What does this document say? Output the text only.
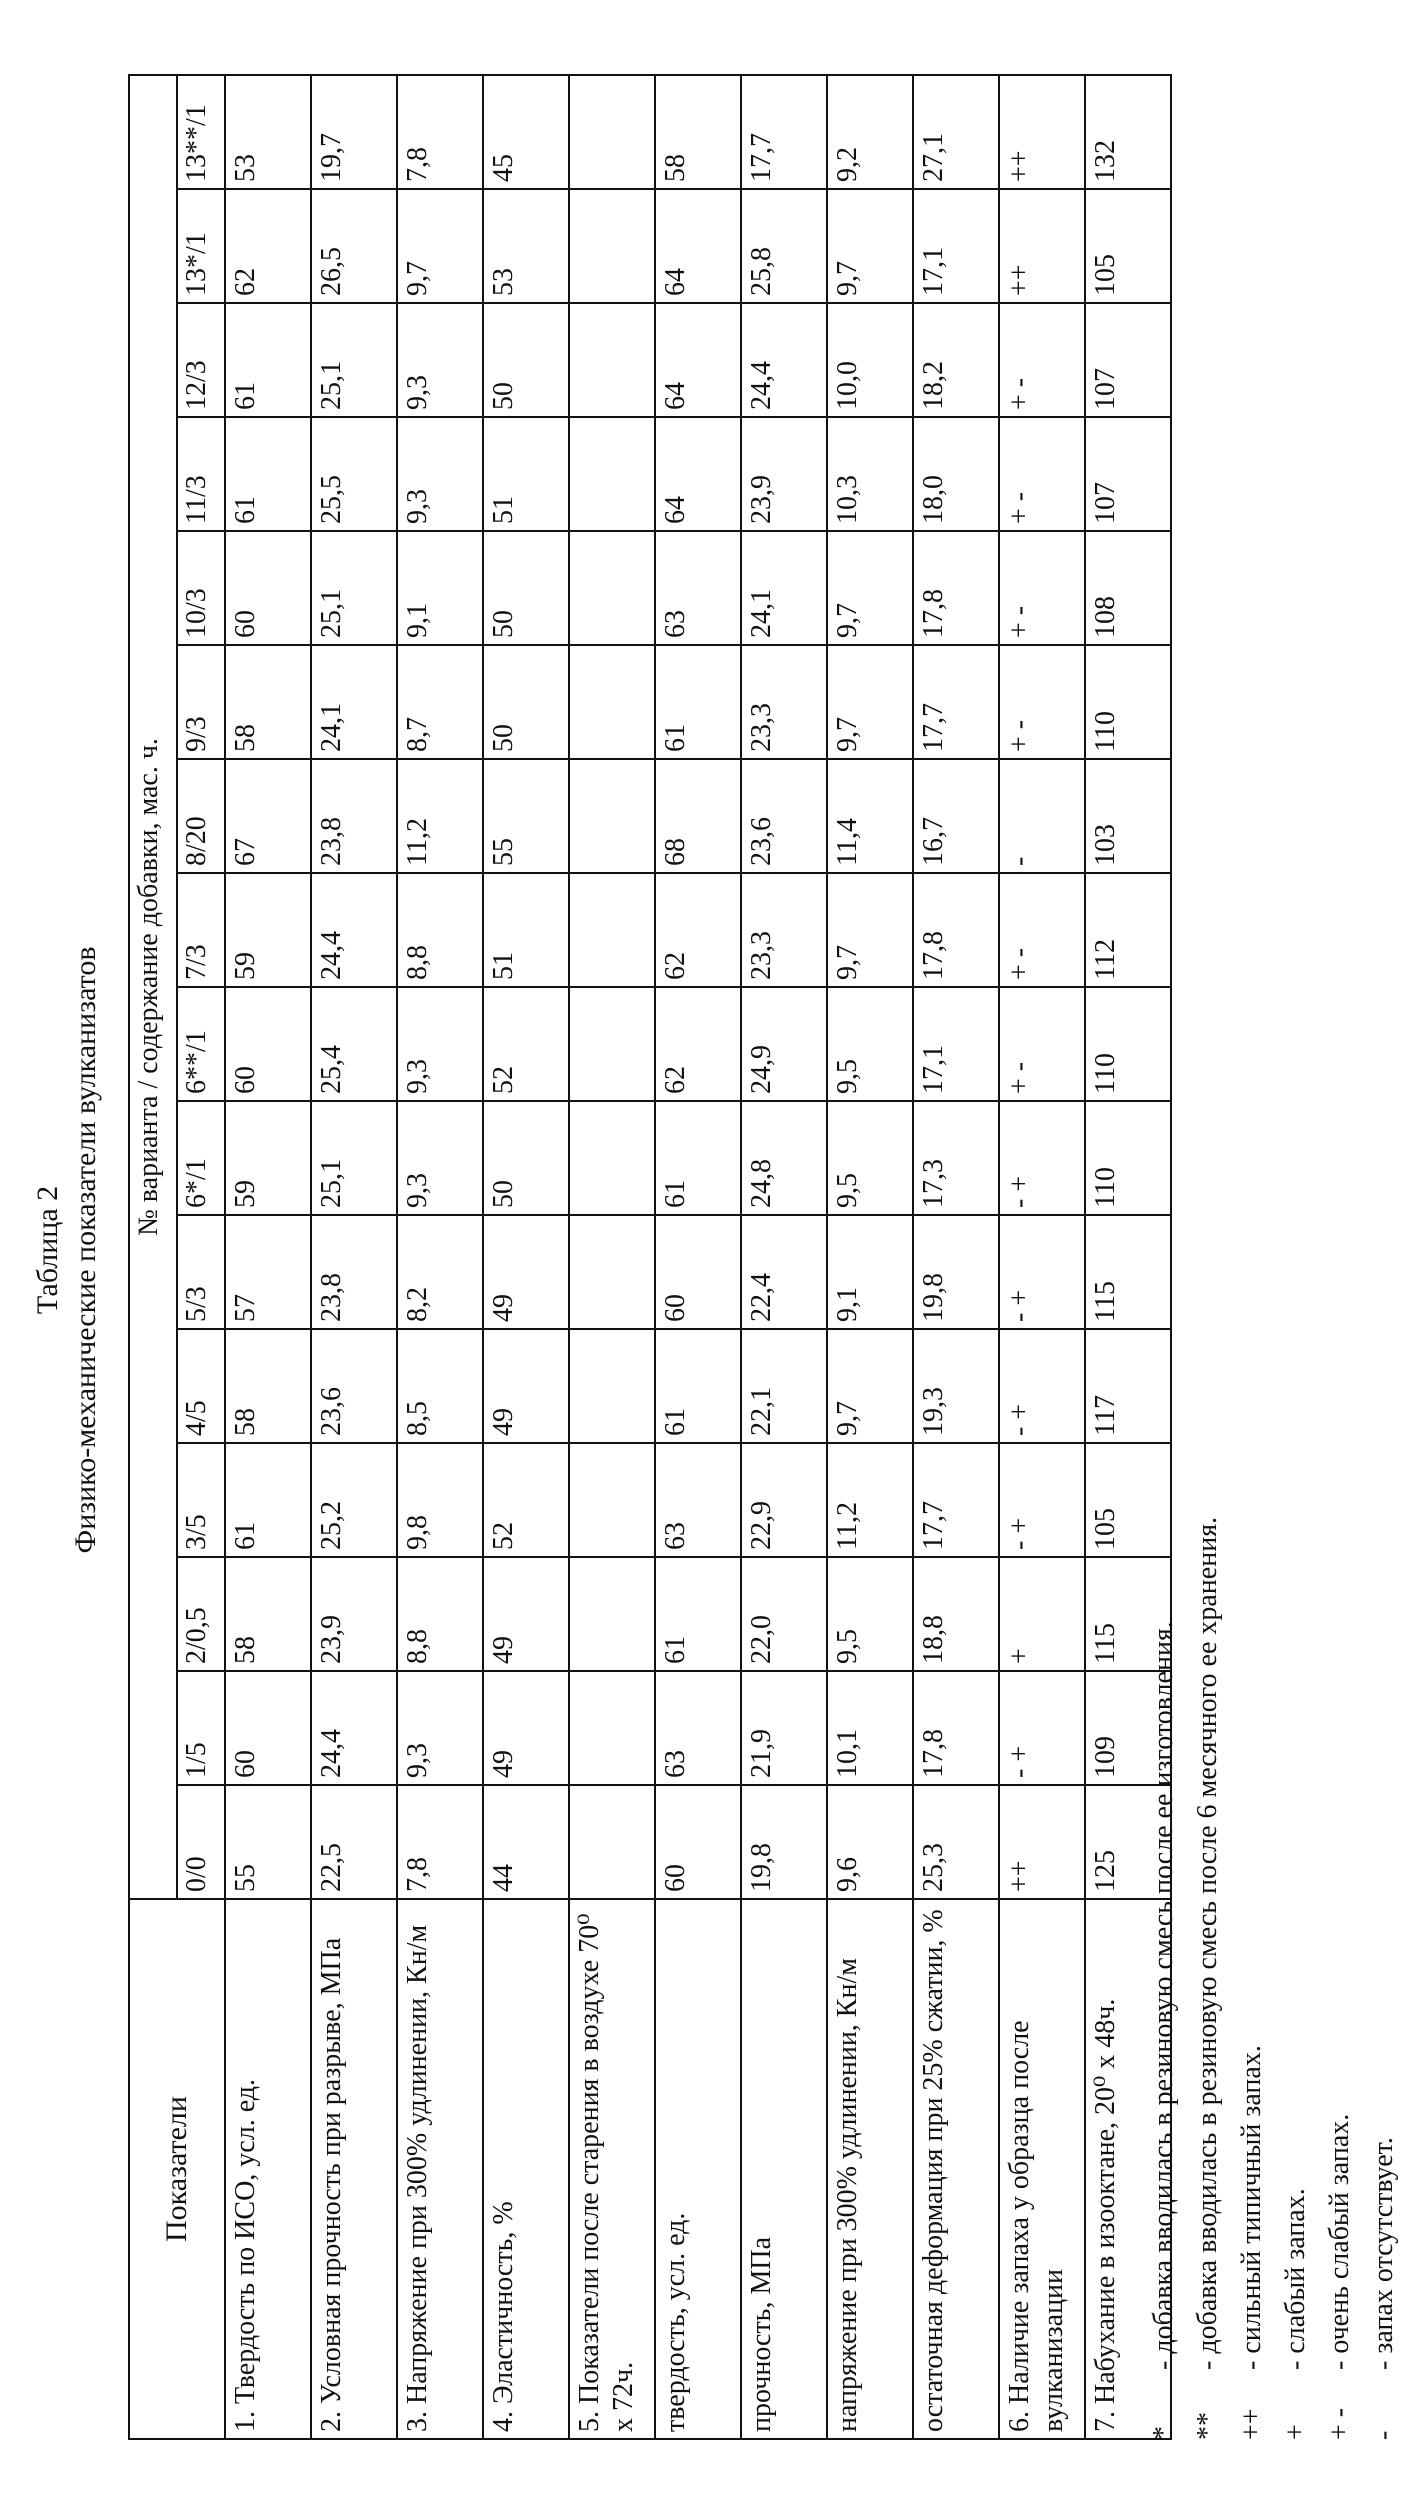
Таблица 2 Физико-механические показатели вулканизатов
Показатели	№ варианта / содержание добавки, мас. ч.
0/0	1/5	2/0,5	3/5	4/5	5/3	6*/1	6**/1	7/3	8/20	9/3	10/3	11/3	12/3	13*/1	13**/1
1. Твердость по ИСО, усл. ед.	55	60	58	61	58	57	59	60	59	67	58	60	61	61	62	53
2. Условная прочность при разрыве, МПа	22,5	24,4	23,9	25,2	23,6	23,8	25,1	25,4	24,4	23,8	24,1	25,1	25,5	25,1	26,5	19,7
3. Напряжение при 300% удлинении, Кн/м	7,8	9,3	8,8	9,8	8,5	8,2	9,3	9,3	8,8	11,2	8,7	9,1	9,3	9,3	9,7	7,8
4. Эластичность, %	44	49	49	52	49	49	50	52	51	55	50	50	51	50	53	45
5. Показатели после старения в воздухе 70⁰ х 72ч.																твердость, усл. ед.	60	63	61	63	61	60	61	62	62	68	61	63	64	64	64	58
прочность, МПа	19,8	21,9	22,0	22,9	22,1	22,4	24,8	24,9	23,3	23,6	23,3	24,1	23,9	24,4	25,8	17,7
напряжение при 300% удлинении, Кн/м	9,6	10,1	9,5	11,2	9,7	9,1	9,5	9,5	9,7	11,4	9,7	9,7	10,3	10,0	9,7	9,2
остаточная деформация при 25% сжатии, %	25,3	17,8	18,8	17,7	19,3	19,8	17,3	17,1	17,8	16,7	17,7	17,8	18,0	18,2	17,1	27,1
6. Наличие запаха у образца после вулканизации	++	- +	+	- +	- +	- +	- +	+ -	+ -	-	+ -	+ -	+ -	+ -	++	++
7. Набухание в изооктане, 20⁰ х 48ч.	125	109	115	105	117	115	110	110	112	103	110	108	107	107	105	132
*
- добавка вводилась в резиновую смесь после ее изготовления.
**
- добавка вводилась в резиновую смесь после 6 месячного ее хранения.
++
- сильный типичный запах.
+
- слабый запах.
+ -
- очень слабый запах.
-
- запах отсутствует.
